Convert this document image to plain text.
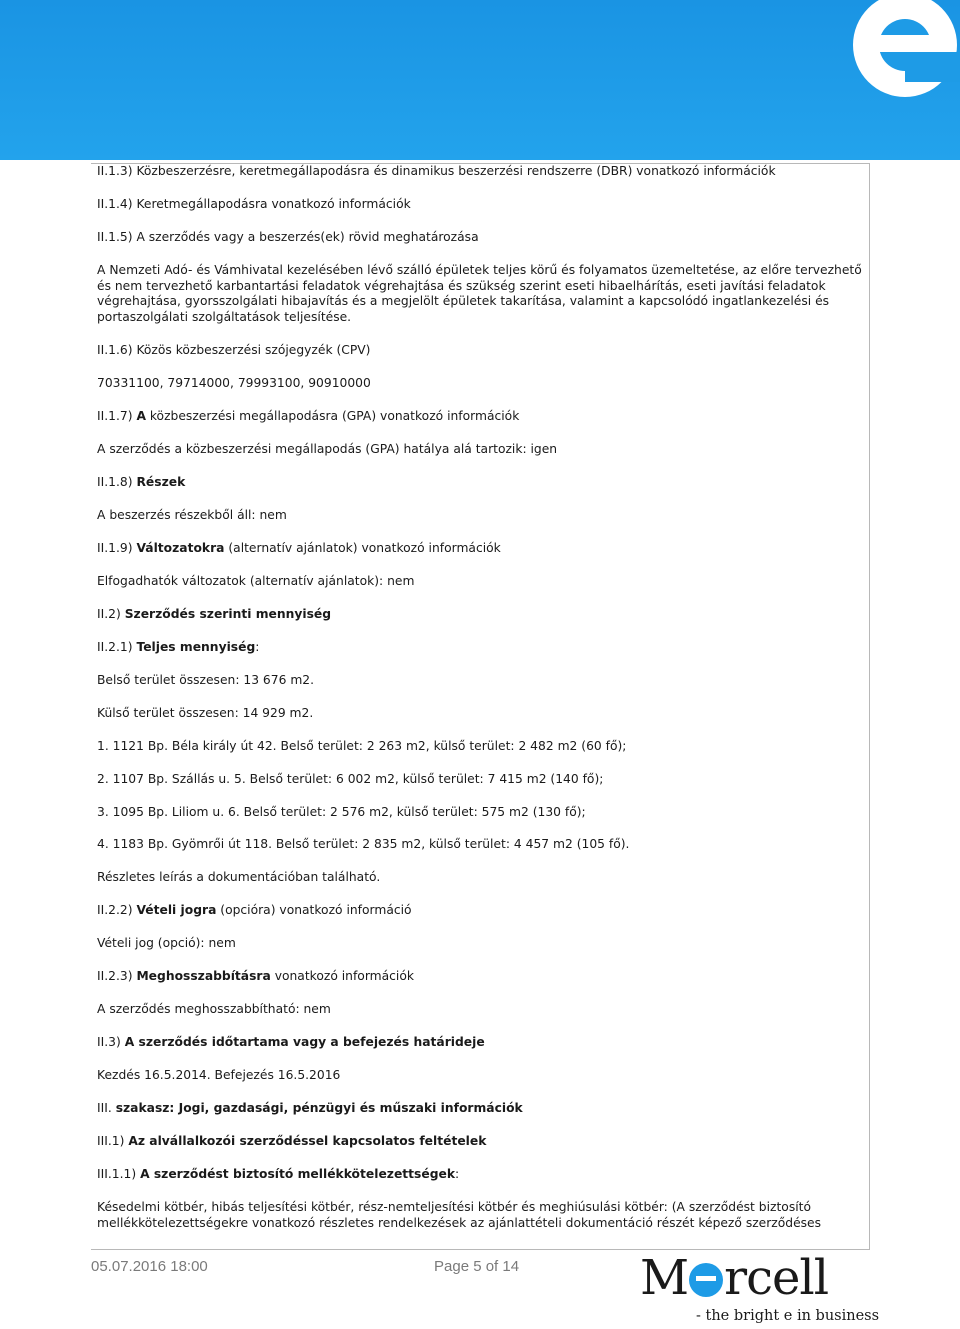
II.1.3) Közbeszerzésre, keretmegállapodásra és dinamikus beszerzési rendszerre (DBR) vonatkozó információk
II.1.4) Keretmegállapodásra vonatkozó információk
II.1.5) A szerződés vagy a beszerzés(ek) rövid meghatározása
A Nemzeti Adó- és Vámhivatal kezelésében lévő szálló épületek teljes körű és folyamatos üzemeltetése, az előre tervezhető és nem tervezhető karbantartási feladatok végrehajtása és szükség szerint eseti hibaelhárítás, eseti javítási feladatok végrehajtása, gyorsszolgálati hibajavítás és a megjelölt épületek takarítása, valamint a kapcsolódó ingatlankezelési és portaszolgálati szolgáltatások teljesítése.
II.1.6) Közös közbeszerzési szójegyzék (CPV)
70331100, 79714000, 79993100, 90910000
II.1.7) A közbeszerzési megállapodásra (GPA) vonatkozó információk
A szerződés a közbeszerzési megállapodás (GPA) hatálya alá tartozik: igen
II.1.8) Részek
A beszerzés részekből áll: nem
II.1.9) Változatokra (alternatív ajánlatok) vonatkozó információk
Elfogadhatók változatok (alternatív ajánlatok): nem
II.2) Szerződés szerinti mennyiség
II.2.1) Teljes mennyiség:
Belső terület összesen: 13 676 m2.
Külső terület összesen: 14 929 m2.
1. 1121 Bp. Béla király út 42. Belső terület: 2 263 m2, külső terület: 2 482 m2 (60 fő);
2. 1107 Bp. Szállás u. 5. Belső terület: 6 002 m2, külső terület: 7 415 m2 (140 fő);
3. 1095 Bp. Liliom u. 6. Belső terület: 2 576 m2, külső terület: 575 m2 (130 fő);
4. 1183 Bp. Gyömrői út 118. Belső terület: 2 835 m2, külső terület: 4 457 m2 (105 fő).
Részletes leírás a dokumentációban található.
II.2.2) Vételi jogra (opcióra) vonatkozó információ
Vételi jog (opció): nem
II.2.3) Meghosszabbításra vonatkozó információk
A szerződés meghosszabbítható: nem
II.3) A szerződés időtartama vagy a befejezés határideje
Kezdés 16.5.2014. Befejezés 16.5.2016
III. szakasz: Jogi, gazdasági, pénzügyi és műszaki információk
III.1) Az alvállalkozói szerződéssel kapcsolatos feltételek
III.1.1) A szerződést biztosító mellékkötelezettségek:
Késedelmi kötbér, hibás teljesítési kötbér, rész-nemteljesítési kötbér és meghiúsulási kötbér: (A szerződést biztosító mellékkötelezettségekre vonatkozó részletes rendelkezések az ajánlattételi dokumentáció részét képező szerződéses
05.07.2016 18:00	Page 5 of 14	M rcell
- the bright e in business
